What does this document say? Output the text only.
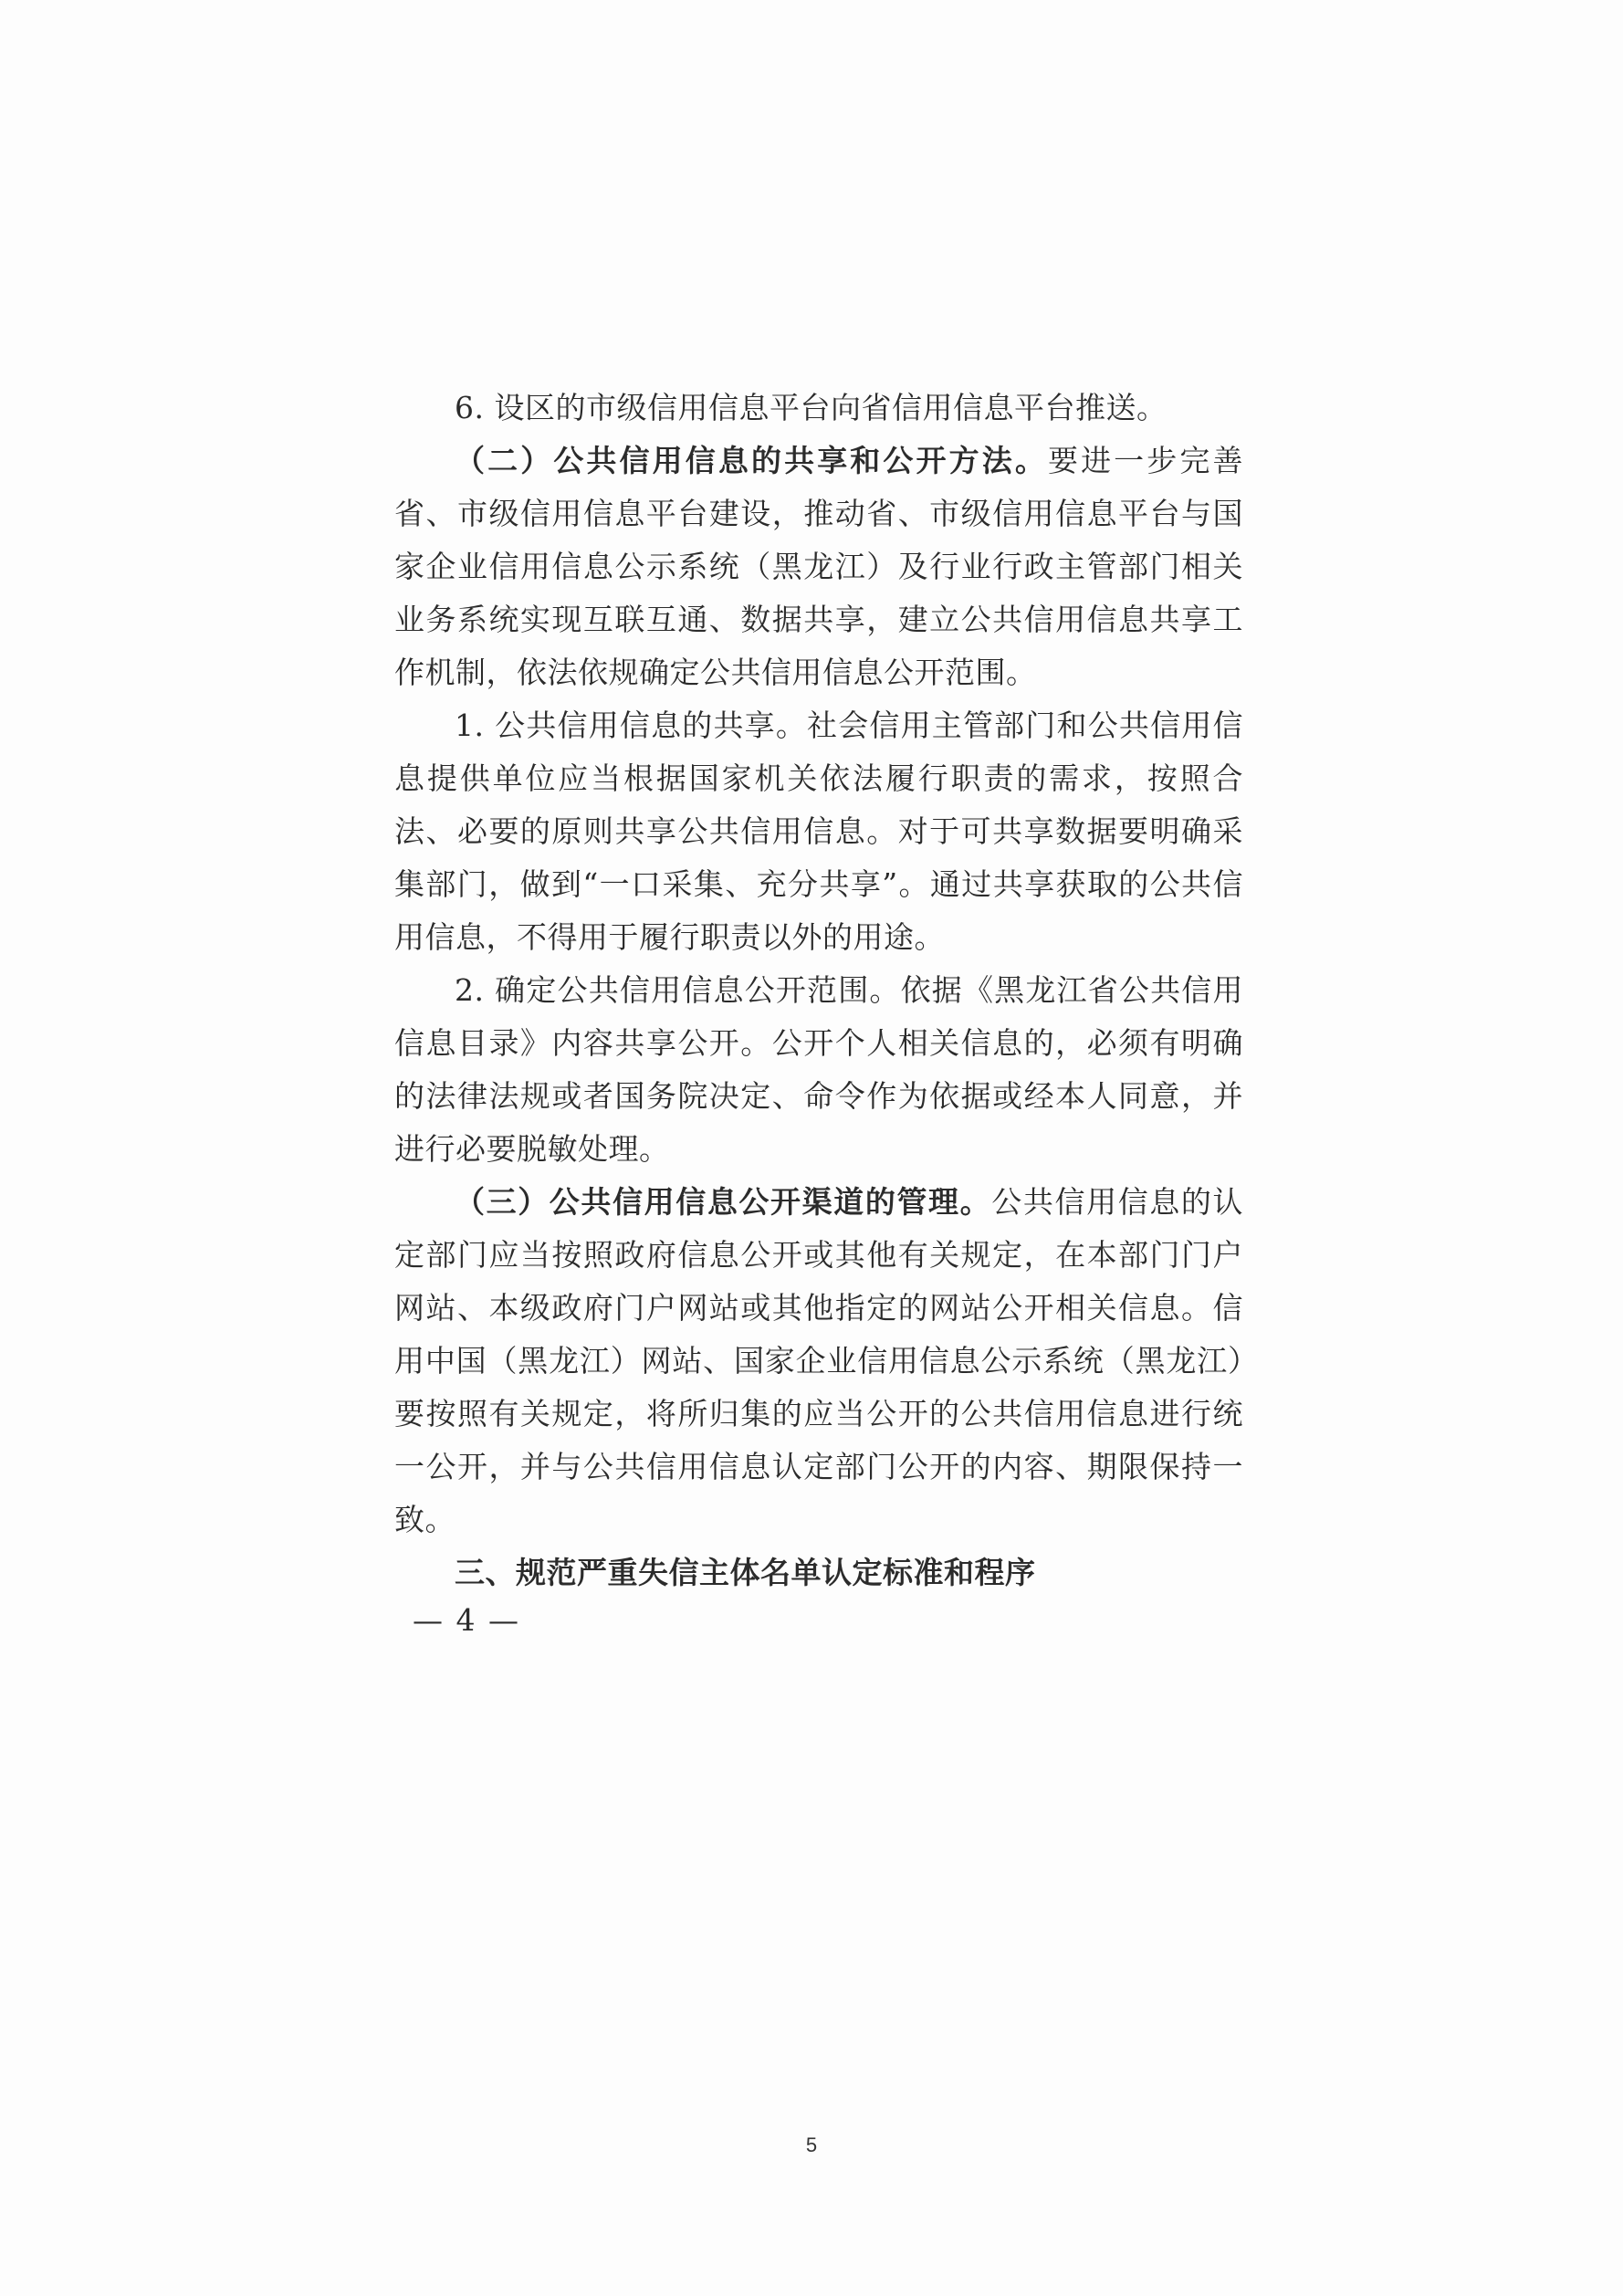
6. 设区的市级信用信息平台向省信用信息平台推送。

（二）公共信用信息的共享和公开方法。要进一步完善省、市级信用信息平台建设，推动省、市级信用信息平台与国家企业信用信息公示系统（黑龙江）及行业行政主管部门相关业务系统实现互联互通、数据共享，建立公共信用信息共享工作机制，依法依规确定公共信用信息公开范围。

1. 公共信用信息的共享。社会信用主管部门和公共信用信息提供单位应当根据国家机关依法履行职责的需求，按照合法、必要的原则共享公共信用信息。对于可共享数据要明确采集部门，做到“一口采集、充分共享”。通过共享获取的公共信用信息，不得用于履行职责以外的用途。

2. 确定公共信用信息公开范围。依据《黑龙江省公共信用信息目录》内容共享公开。公开个人相关信息的，必须有明确的法律法规或者国务院决定、命令作为依据或经本人同意，并进行必要脱敏处理。

（三）公共信用信息公开渠道的管理。公共信用信息的认定部门应当按照政府信息公开或其他有关规定，在本部门门户网站、本级政府门户网站或其他指定的网站公开相关信息。信用中国（黑龙江）网站、国家企业信用信息公示系统（黑龙江）要按照有关规定，将所归集的应当公开的公共信用信息进行统一公开，并与公共信用信息认定部门公开的内容、期限保持一致。

三、规范严重失信主体名单认定标准和程序

— 4 —
5
